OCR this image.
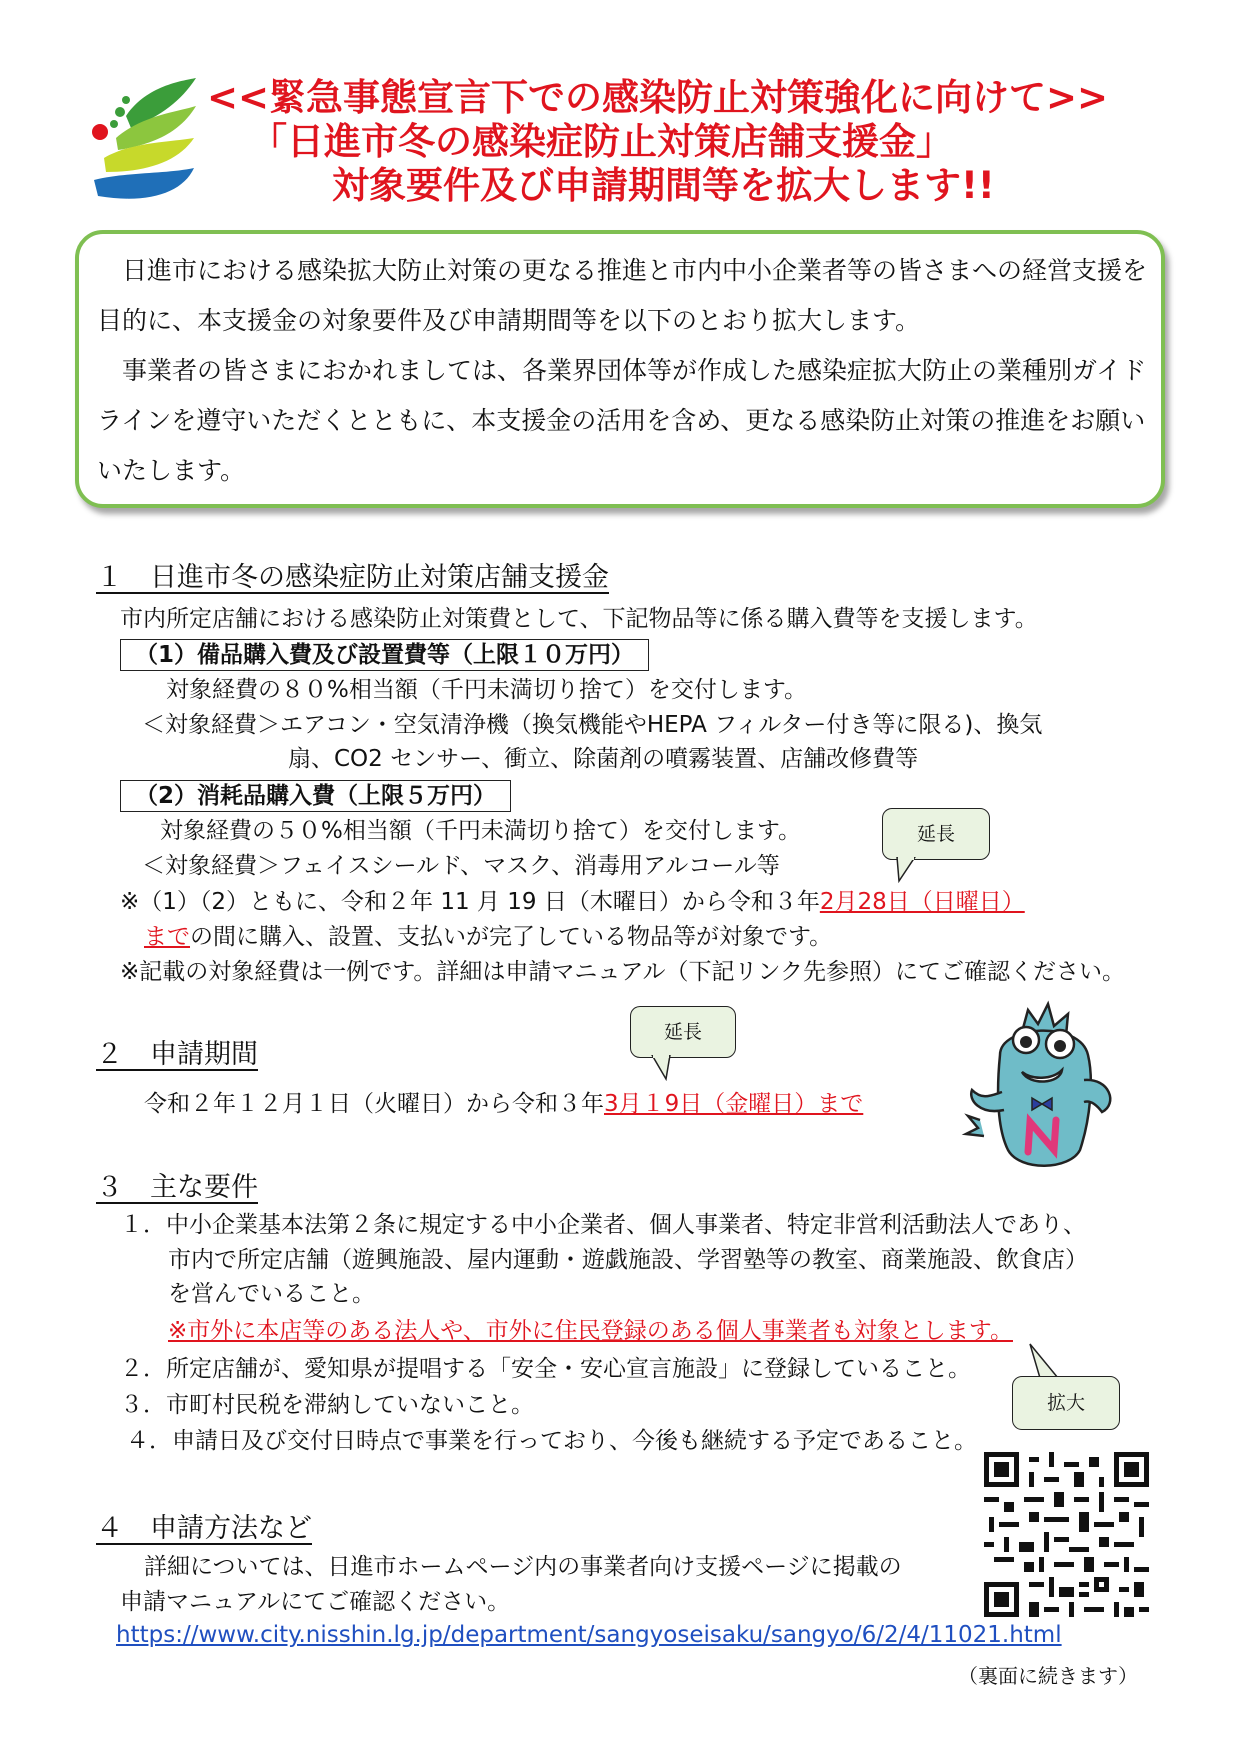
<<緊急事態宣言下での感染防止対策強化に向けて>>
「日進市冬の感染症防止対策店舗支援金」
対象要件及び申請期間等を拡大します!!

日進市における感染拡大防止対策の更なる推進と市内中小企業者等の皆さまへの経営支援を目的に、本支援金の対象要件及び申請期間等を以下のとおり拡大します。

事業者の皆さまにおかれましては、各業界団体等が作成した感染症拡大防止の業種別ガイドラインを遵守いただくとともに、本支援金の活用を含め、更なる感染防止対策の推進をお願いいたします。

１　日進市冬の感染症防止対策店舗支援金
市内所定店舗における感染防止対策費として、下記物品等に係る購入費等を支援します。
（1）備品購入費及び設置費等（上限１０万円）
対象経費の８０%相当額（千円未満切り捨て）を交付します。
＜対象経費＞エアコン・空気清浄機（換気機能やHEPA フィルター付き等に限る)、換気
扇、CO2 センサー、衝立、除菌剤の噴霧装置、店舗改修費等
（2）消耗品購入費（上限５万円）
対象経費の５０%相当額（千円未満切り捨て）を交付します。
＜対象経費＞フェイスシールド、マスク、消毒用アルコール等
延長
※（1）（2）ともに、令和２年 11 月 19 日（木曜日）から令和３年2月28日（日曜日）
までの間に購入、設置、支払いが完了している物品等が対象です。
※記載の対象経費は一例です。詳細は申請マニュアル（下記リンク先参照）にてご確認ください。
２　申請期間
延長
令和２年１２月１日（火曜日）から令和３年3月１9日（金曜日）まで
３　主な要件
１．中小企業基本法第２条に規定する中小企業者、個人事業者、特定非営利活動法人であり、
市内で所定店舗（遊興施設、屋内運動・遊戯施設、学習塾等の教室、商業施設、飲食店）
を営んでいること。
※市外に本店等のある法人や、市外に住民登録のある個人事業者も対象とします。
２．所定店舗が、愛知県が提唱する「安全・安心宣言施設」に登録していること。
３．市町村民税を滞納していないこと。
４．申請日及び交付日時点で事業を行っており、今後も継続する予定であること。
拡大
４　申請方法など
詳細については、日進市ホームページ内の事業者向け支援ページに掲載の
申請マニュアルにてご確認ください。
https://www.city.nisshin.lg.jp/department/sangyoseisaku/sangyo/6/2/4/11021.html
（裏面に続きます）
